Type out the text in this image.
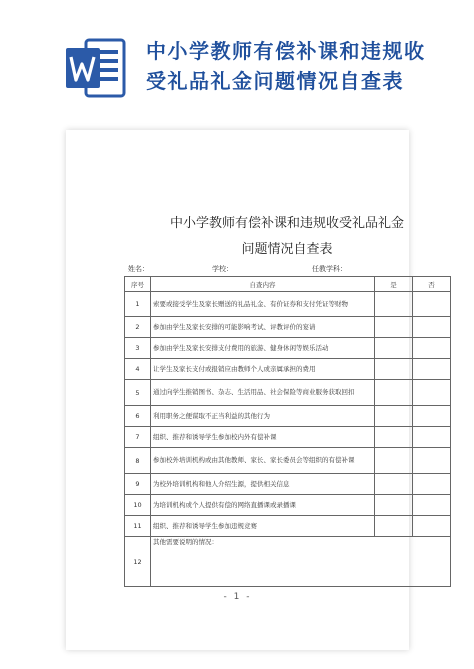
中小学教师有偿补课和违规收
受礼品礼金问题情况自查表
中小学教师有偿补课和违规收受礼品礼金
问题情况自查表
姓名：	学校：	任教学科：
序号	自查内容	是	否
1	索要或接受学生及家长赠送的礼品礼金、有价证券和支付凭证等财物		
2	参加由学生及家长安排的可能影响考试、评教评价的宴请		
3	参加由学生及家长安排支付费用的旅游、健身休闲等娱乐活动		
4	让学生及家长支付或报销应由教师个人或亲属承担的费用		
5	通过向学生推销图书、杂志、生活用品、社会保险等商业服务获取回扣		
6	利用职务之便谋取不正当利益的其他行为		
7	组织、推荐和诱导学生参加校内外有偿补课		
8	参加校外培训机构或由其他教师、家长、家长委员会等组织的有偿补课		
9	为校外培训机构和他人介绍生源，提供相关信息		
10	为培训机构或个人提供有偿的网络直播课或录播课		
11	组织、推荐和诱导学生参加违规竞赛		
12	其他需要说明的情况：		
- 1 -
